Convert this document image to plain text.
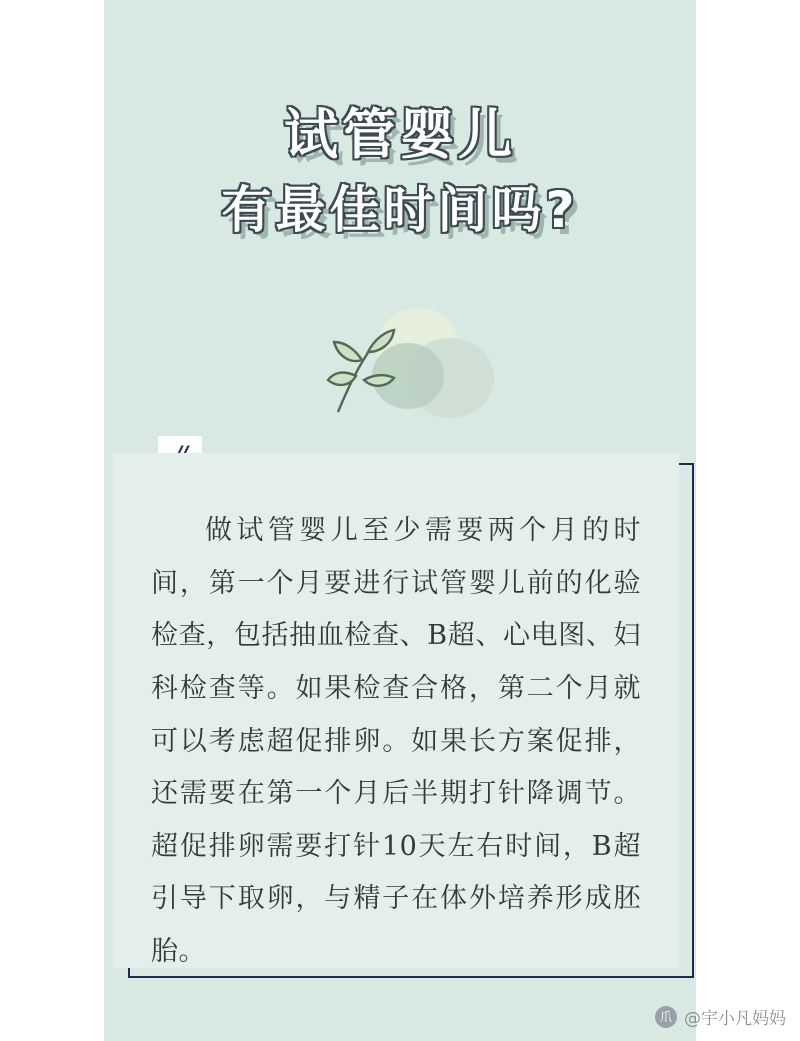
试管婴儿
有最佳时间吗?
做试管婴儿至少需要两个月的时间，第一个月要进行试管婴儿前的化验检查，包括抽血检查、B超、心电图、妇科检查等。如果检查合格，第二个月就可以考虑超促排卵。如果长方案促排，还需要在第一个月后半期打针降调节。超促排卵需要打针10天左右时间，B超引导下取卵，与精子在体外培养形成胚胎。
爪 @宇小凡妈妈
